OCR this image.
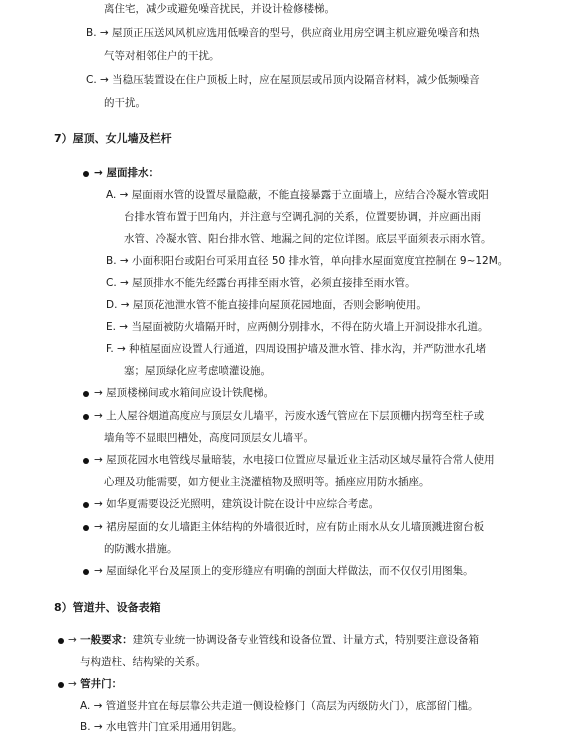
离住宅，减少或避免噪音扰民，并设计检修楼梯。
B. → 屋顶正压送风风机应选用低噪音的型号，供应商业用房空调主机应避免噪音和热
气等对相邻住户的干扰。
C. → 当稳压装置设在住户顶板上时，应在屋顶层或吊顶内设隔音材料，减少低频噪音
的干扰。
7）屋顶、女儿墙及栏杆
→ 屋面排水：
A. → 屋面雨水管的设置尽量隐蔽，不能直接暴露于立面墙上，应结合冷凝水管或阳
台排水管布置于凹角内，并注意与空调孔洞的关系，位置要协调，并应画出雨
水管、冷凝水管、阳台排水管、地漏之间的定位详图。底层平面须表示雨水管。
B. → 小面积阳台或阳台可采用直径 50 排水管，单向排水屋面宽度宜控制在 9~12M。
C. → 屋顶排水不能先经露台再排至雨水管，必须直接排至雨水管。
D. → 屋顶花池泄水管不能直接排向屋顶花园地面，否则会影响使用。
E. → 当屋面被防火墙隔开时，应两侧分别排水，不得在防火墙上开洞设排水孔道。
F. → 种植屋面应设置人行通道，四周设围护墙及泄水管、排水沟，并严防泄水孔堵
塞；屋顶绿化应考虑喷灌设施。
→ 屋顶楼梯间或水箱间应设计铁爬梯。
→ 上人屋谷烟道高度应与顶层女儿墙平，污废水透气管应在下层顶栅内拐弯至柱子或
墙角等不显眼凹槽处，高度同顶层女儿墙平。
→ 屋顶花园水电管线尽量暗装，水电接口位置应尽量近业主活动区域尽量符合常人使用
心理及功能需要，如方便业主浇灌植物及照明等。插座应用防水插座。
→ 如华夏需要设泛光照明，建筑设计院在设计中应综合考虑。
→ 裙房屋面的女儿墙距主体结构的外墙很近时，应有防止雨水从女儿墙顶溅进窗台板
的防溅水措施。
→ 屋面绿化平台及屋顶上的变形缝应有明确的剖面大样做法，而不仅仅引用图集。
8）管道井、设备表箱
→ 一般要求：建筑专业统一协调设备专业管线和设备位置、计量方式，特别要注意设备箱
与构造柱、结构梁的关系。
→ 管井门：
A. → 管道竖井宜在每层靠公共走道一侧设检修门（高层为丙级防火门），底部留门槛。
B. → 水电管井门宜采用通用钥匙。
